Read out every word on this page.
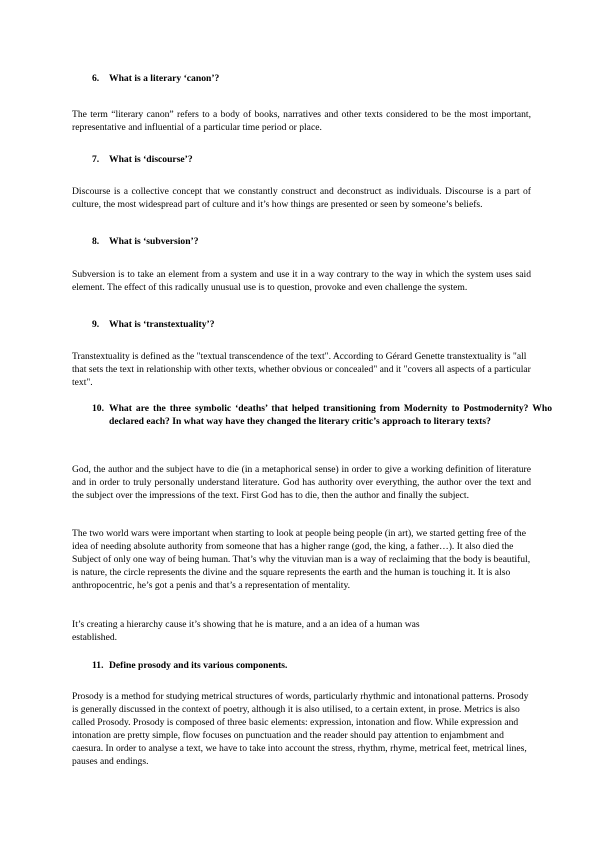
6. What is a literary ‘canon’?

The term “literary canon” refers to a body of books, narratives and other texts considered to be the most important, representative and influential of a particular time period or place.

7. What is ‘discourse’?

Discourse is a collective concept that we constantly construct and deconstruct as individuals. Discourse is a part of culture, the most widespread part of culture and it’s how things are presented or seen by someone’s beliefs.

8. What is ‘subversion’?

Subversion is to take an element from a system and use it in a way contrary to the way in which the system uses said element. The effect of this radically unusual use is to question, provoke and even challenge the system.

9. What is ‘transtextuality’?

Transtextuality is defined as the "textual transcendence of the text". According to Gérard Genette transtextuality is "all that sets the text in relationship with other texts, whether obvious or concealed" and it "covers all aspects of a particular text".

10. What are the three symbolic ‘deaths’ that helped transitioning from Modernity to Postmodernity? Who declared each? In what way have they changed the literary critic’s approach to literary texts?

God, the author and the subject have to die (in a metaphorical sense) in order to give a working definition of literature and in order to truly personally understand literature. God has authority over everything, the author over the text and the subject over the impressions of the text. First God has to die, then the author and finally the subject.

The two world wars were important when starting to look at people being people (in art), we started getting free of the idea of needing absolute authority from someone that has a higher range (god, the king, a father…). It also died the Subject of only one way of being human. That’s why the vituvian man is a way of reclaiming that the body is beautiful, is nature, the circle represents the divine and the square represents the earth and the human is touching it. It is also anthropocentric, he’s got a penis and that’s a representation of mentality.

It’s creating a hierarchy cause it’s showing that he is mature, and a an idea of a human was established.

11. Define prosody and its various components.

Prosody is a method for studying metrical structures of words, particularly rhythmic and intonational patterns. Prosody is generally discussed in the context of poetry, although it is also utilised, to a certain extent, in prose. Metrics is also called Prosody. Prosody is composed of three basic elements: expression, intonation and flow. While expression and intonation are pretty simple, flow focuses on punctuation and the reader should pay attention to enjambment and caesura. In order to analyse a text, we have to take into account the stress, rhythm, rhyme, metrical feet, metrical lines, pauses and endings.
